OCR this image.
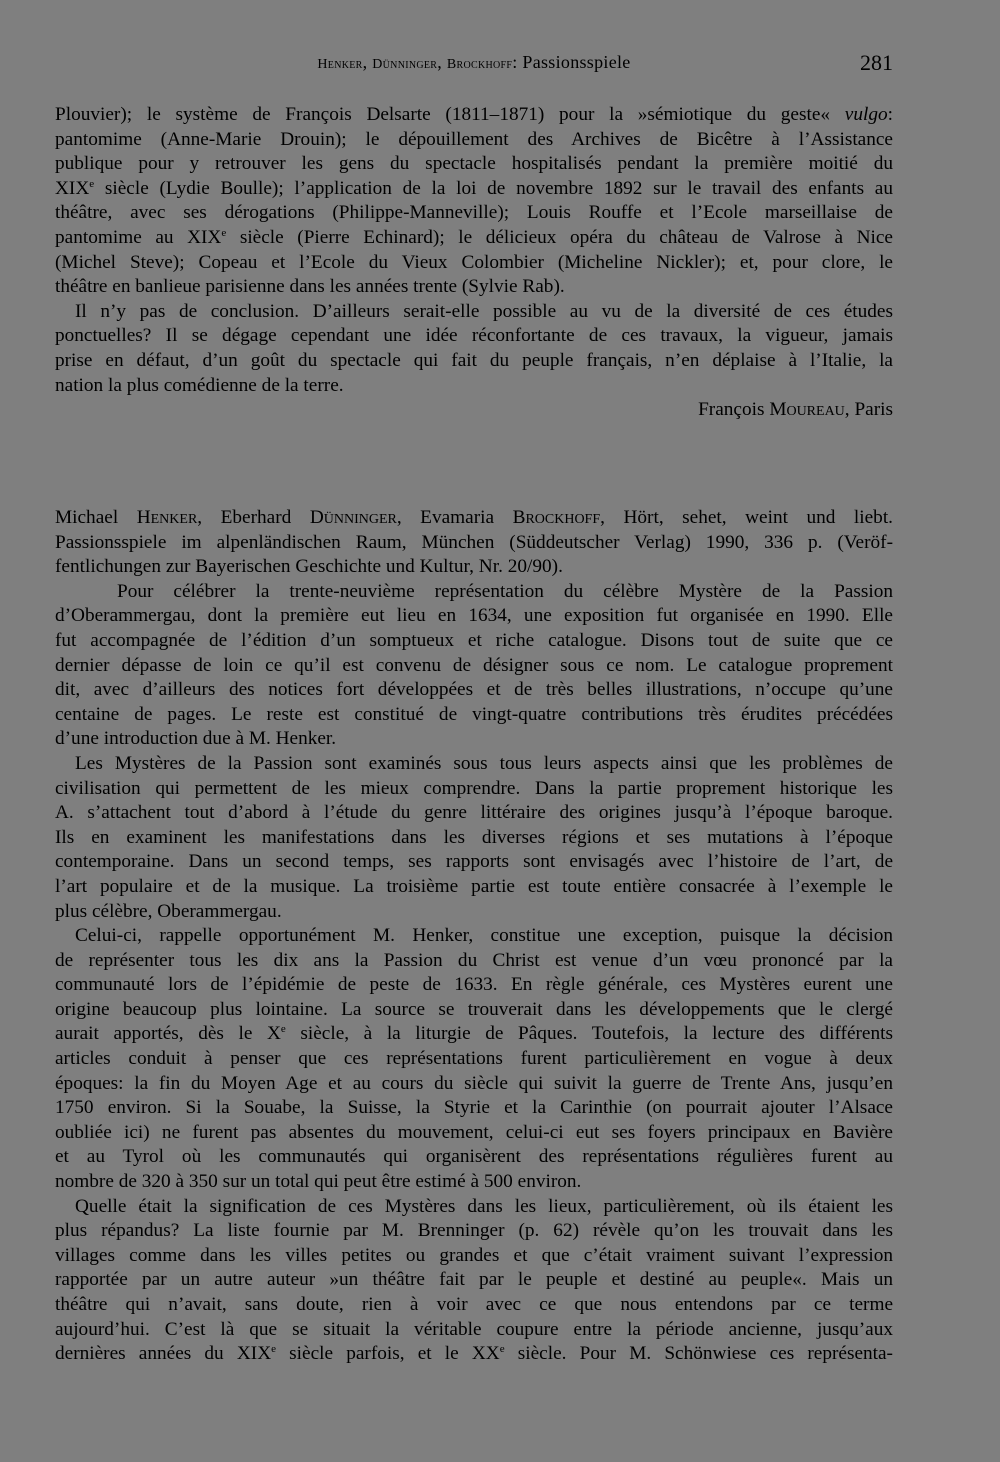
Henker, Dünninger, Brockhoff: Passionsspiele	281
Plouvier); le système de François Delsarte (1811–1871) pour la »sémiotique du geste« vulgo:
pantomime (Anne-Marie Drouin); le dépouillement des Archives de Bicêtre à l’Assistance
publique pour y retrouver les gens du spectacle hospitalisés pendant la première moitié du
XIXe siècle (Lydie Boulle); l’application de la loi de novembre 1892 sur le travail des enfants au
théâtre, avec ses dérogations (Philippe-Manneville); Louis Rouffe et l’Ecole marseillaise de
pantomime au XIXe siècle (Pierre Echinard); le délicieux opéra du château de Valrose à Nice
(Michel Steve); Copeau et l’Ecole du Vieux Colombier (Micheline Nickler); et, pour clore, le
théâtre en banlieue parisienne dans les années trente (Sylvie Rab).
Il n’y pas de conclusion. D’ailleurs serait-elle possible au vu de la diversité de ces études
ponctuelles? Il se dégage cependant une idée réconfortante de ces travaux, la vigueur, jamais
prise en défaut, d’un goût du spectacle qui fait du peuple français, n’en déplaise à l’Italie, la
nation la plus comédienne de la terre.
François Moureau, Paris
Michael Henker, Eberhard Dünninger, Evamaria Brockhoff, Hört, sehet, weint und liebt.
Passionsspiele im alpenländischen Raum, München (Süddeutscher Verlag) 1990, 336 p. (Veröf-
fentlichungen zur Bayerischen Geschichte und Kultur, Nr. 20/90).
Pour célébrer la trente-neuvième représentation du célèbre Mystère de la Passion
d’Oberammergau, dont la première eut lieu en 1634, une exposition fut organisée en 1990. Elle
fut accompagnée de l’édition d’un somptueux et riche catalogue. Disons tout de suite que ce
dernier dépasse de loin ce qu’il est convenu de désigner sous ce nom. Le catalogue proprement
dit, avec d’ailleurs des notices fort développées et de très belles illustrations, n’occupe qu’une
centaine de pages. Le reste est constitué de vingt-quatre contributions très érudites précédées
d’une introduction due à M. Henker.
Les Mystères de la Passion sont examinés sous tous leurs aspects ainsi que les problèmes de
civilisation qui permettent de les mieux comprendre. Dans la partie proprement historique les
A. s’attachent tout d’abord à l’étude du genre littéraire des origines jusqu’à l’époque baroque.
Ils en examinent les manifestations dans les diverses régions et ses mutations à l’époque
contemporaine. Dans un second temps, ses rapports sont envisagés avec l’histoire de l’art, de
l’art populaire et de la musique. La troisième partie est toute entière consacrée à l’exemple le
plus célèbre, Oberammergau.
Celui-ci, rappelle opportunément M. Henker, constitue une exception, puisque la décision
de représenter tous les dix ans la Passion du Christ est venue d’un vœu prononcé par la
communauté lors de l’épidémie de peste de 1633. En règle générale, ces Mystères eurent une
origine beaucoup plus lointaine. La source se trouverait dans les développements que le clergé
aurait apportés, dès le Xe siècle, à la liturgie de Pâques. Toutefois, la lecture des différents
articles conduit à penser que ces représentations furent particulièrement en vogue à deux
époques: la fin du Moyen Age et au cours du siècle qui suivit la guerre de Trente Ans, jusqu’en
1750 environ. Si la Souabe, la Suisse, la Styrie et la Carinthie (on pourrait ajouter l’Alsace
oubliée ici) ne furent pas absentes du mouvement, celui-ci eut ses foyers principaux en Bavière
et au Tyrol où les communautés qui organisèrent des représentations régulières furent au
nombre de 320 à 350 sur un total qui peut être estimé à 500 environ.
Quelle était la signification de ces Mystères dans les lieux, particulièrement, où ils étaient les
plus répandus? La liste fournie par M. Brenninger (p. 62) révèle qu’on les trouvait dans les
villages comme dans les villes petites ou grandes et que c’était vraiment suivant l’expression
rapportée par un autre auteur »un théâtre fait par le peuple et destiné au peuple«. Mais un
théâtre qui n’avait, sans doute, rien à voir avec ce que nous entendons par ce terme
aujourd’hui. C’est là que se situait la véritable coupure entre la période ancienne, jusqu’aux
dernières années du XIXe siècle parfois, et le XXe siècle. Pour M. Schönwiese ces représenta-
